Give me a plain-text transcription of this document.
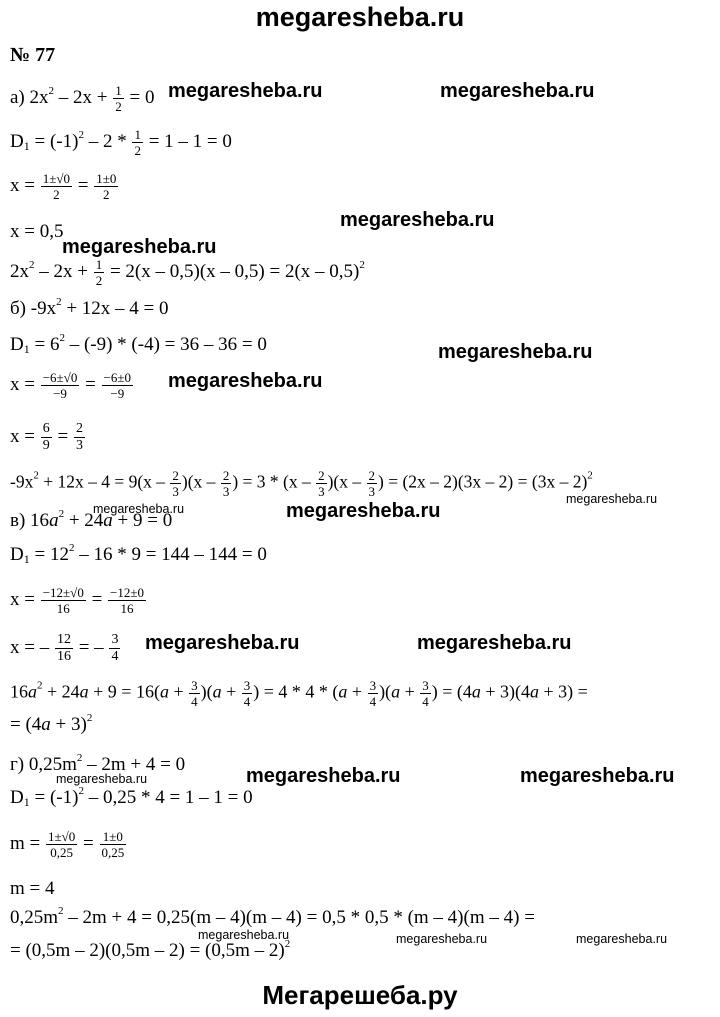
megaresheba.ru
Мегарешеба.ру
№ 77
а) $2x^2 - 2x + \frac{1}{2} = 0$
$D_1 = (-1)^2 - 2 * \frac{1}{2} = 1 - 1 = 0$
$x = \frac{1\pm√0}{2} = \frac{1\pm 0}{2}$
x = 0,5
$2x^2 - 2x + \frac{1}{2} = 2(x - 0,5)(x - 0,5) = 2(x - 0,5)^2$
б) $-9x^2 + 12x - 4 = 0$
$D_1 = 6^2 - (-9) * (-4) = 36 - 36 = 0$
$x = \frac{-6\pm√0}{-9} = \frac{-6\pm 0}{-9}$
$x = \frac{6}{9} = \frac{2}{3}$
$-9x^2 + 12x - 4 = 9(x - \frac{2}{3} )(x - \frac{2}{3}$ ) = $3 * (x - \frac{2}{3} )(x - \frac{2}{3}$ ) = (2x – 2)(3x – 2) = (3x – 2)$^2$
в) $16a^2 + 24a + 9 = 0$
$D_1 = 12^2 - 16 * 9 = 144 - 144 = 0$
$x = \frac{-12\pm√0}{16} = \frac{-12\pm 0}{16}$
x = – $\frac{12}{16}$ = – $\frac{3}{4}$
$16a^2 + 24a + 9 = 16(a + \frac{3}{4} )(a + \frac{3}{4}$ ) = $4 * 4 * (a + \frac{3}{4} )(a + \frac{3}{4}$ ) = (4a + 3)(4a + 3) =
= $(4a + 3)^2$
г) $0,25m^2 - 2m + 4 = 0$
$D_1 = (-1)^2 - 0,25 * 4 = 1 - 1 = 0$
$m = \frac{1\pm√0}{0,25} = \frac{1\pm 0}{0,25}$
m = 4
$0,25m^2 - 2m + 4 = 0,25(m - 4)(m - 4) = 0,5 * 0,5 * (m - 4)(m - 4)$ =
= (0,5m – 2)(0,5m – 2) = (0,5m – 2)$^2$
megaresheba.ru	megaresheba.ru
megaresheba.ru
megaresheba.ru
megaresheba.ru
megaresheba.ru
megaresheba.ru	megaresheba.ru
megaresheba.ru
megaresheba.ru	megaresheba.ru
megaresheba.ru	megaresheba.ru	megaresheba.ru
megaresheba.ru	megaresheba.ru	megaresheba.ru
